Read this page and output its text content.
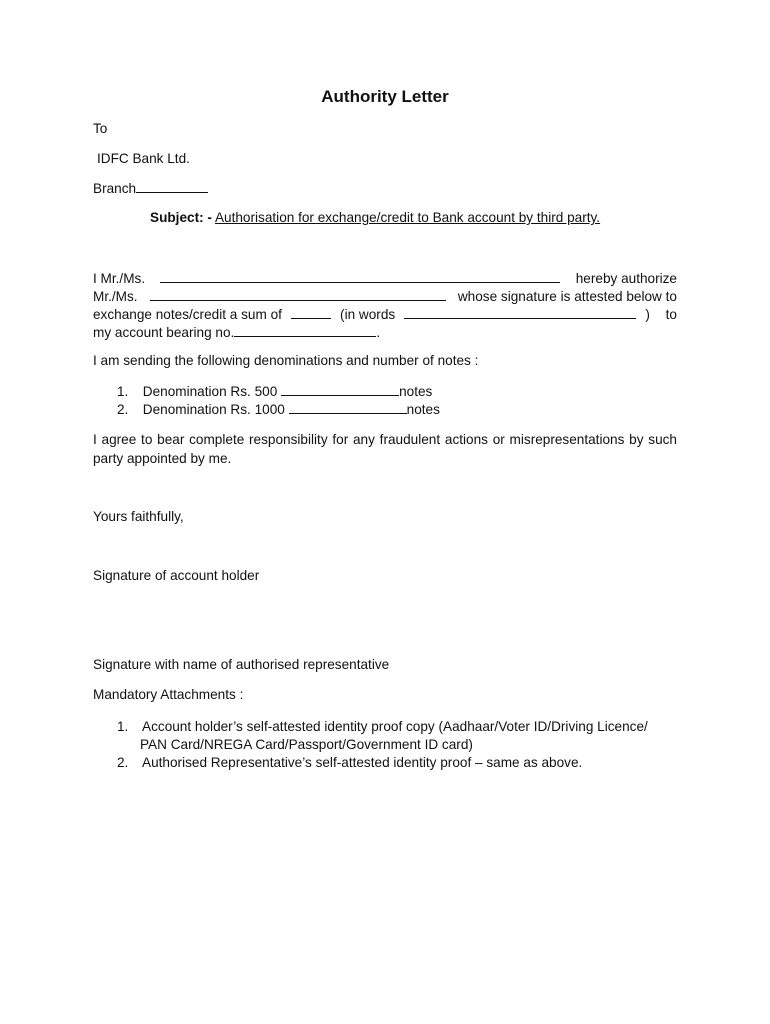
Authority Letter
To
IDFC Bank Ltd.
Branch
Subject: - Authorisation for exchange/credit to Bank account by third party.
I Mr./Ms.	hereby authorize
Mr./Ms.	whose signature is attested below to
exchange notes/credit a sum of	(in words	) to
my account bearing no.	.
I am sending the following denominations and number of notes :
1. Denomination Rs. 500	notes
2. Denomination Rs. 1000	notes
I agree to bear complete responsibility for any fraudulent actions or misrepresentations by such party appointed by me.
Yours faithfully,
Signature of account holder
Signature with name of authorised representative
Mandatory Attachments :
1. Account holder’s self-attested identity proof copy (Aadhaar/Voter ID/Driving Licence/
PAN Card/NREGA Card/Passport/Government ID card)
2. Authorised Representative’s self-attested identity proof – same as above.
